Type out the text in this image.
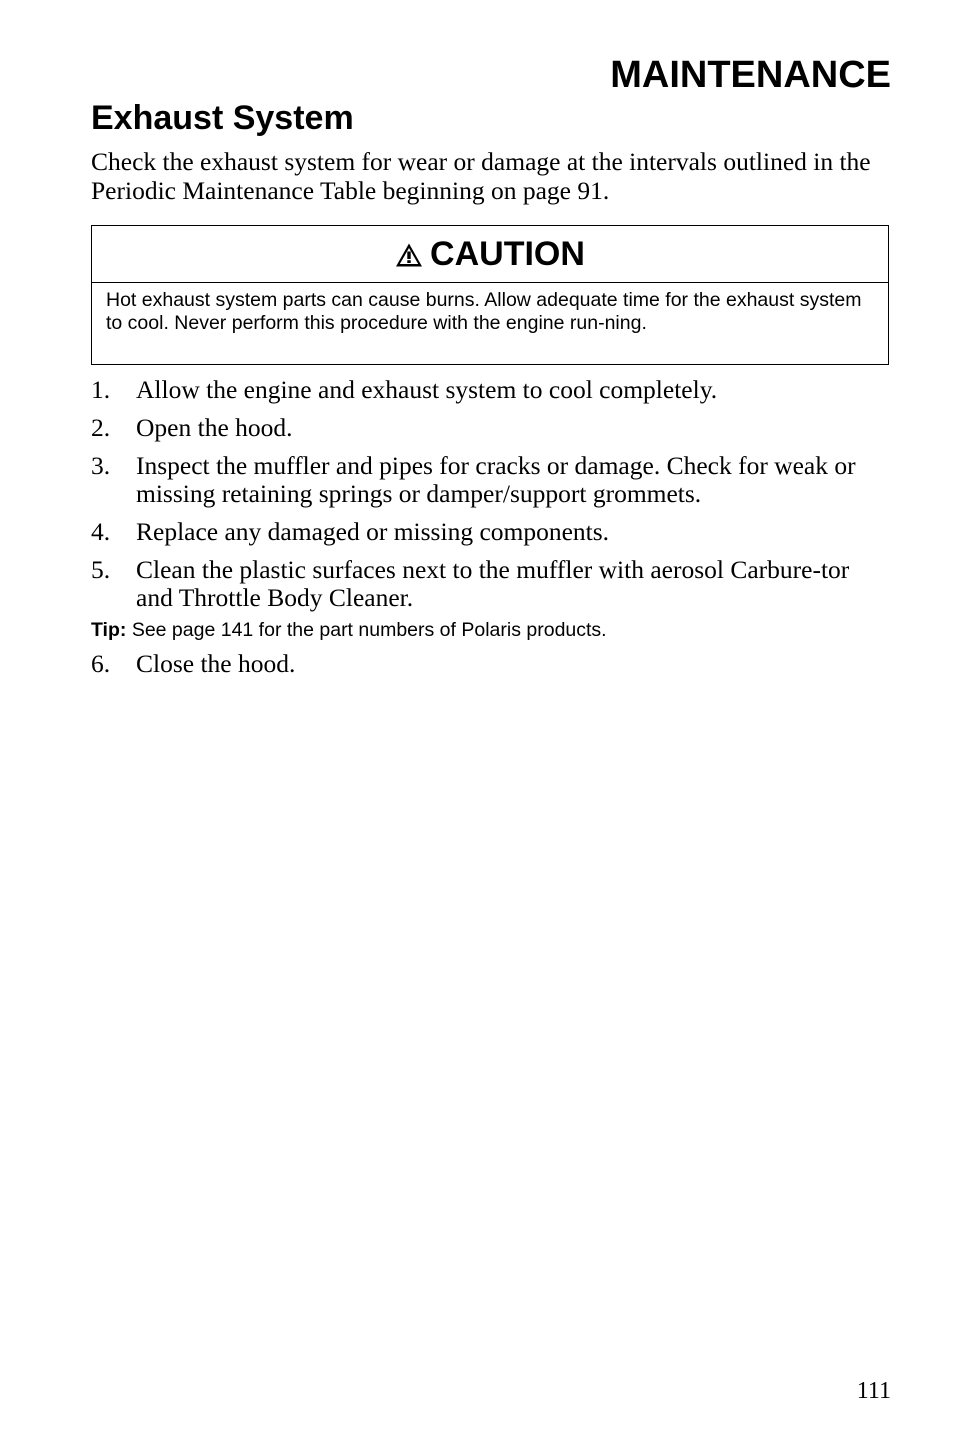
MAINTENANCE
Exhaust System
Check the exhaust system for wear or damage at the intervals outlined in the Periodic Maintenance Table beginning on page 91.
CAUTION
Hot exhaust system parts can cause burns. Allow adequate time for the exhaust system to cool. Never perform this procedure with the engine run-ning.
1.	Allow the engine and exhaust system to cool completely.
2.	Open the hood.
3.	Inspect the muffler and pipes for cracks or damage. Check for weak or missing retaining springs or damper/support grommets.
4.	Replace any damaged or missing components.
5.	Clean the plastic surfaces next to the muffler with aerosol Carbure-tor and Throttle Body Cleaner.
Tip: See page 141 for the part numbers of Polaris products.
6.	Close the hood.
111
